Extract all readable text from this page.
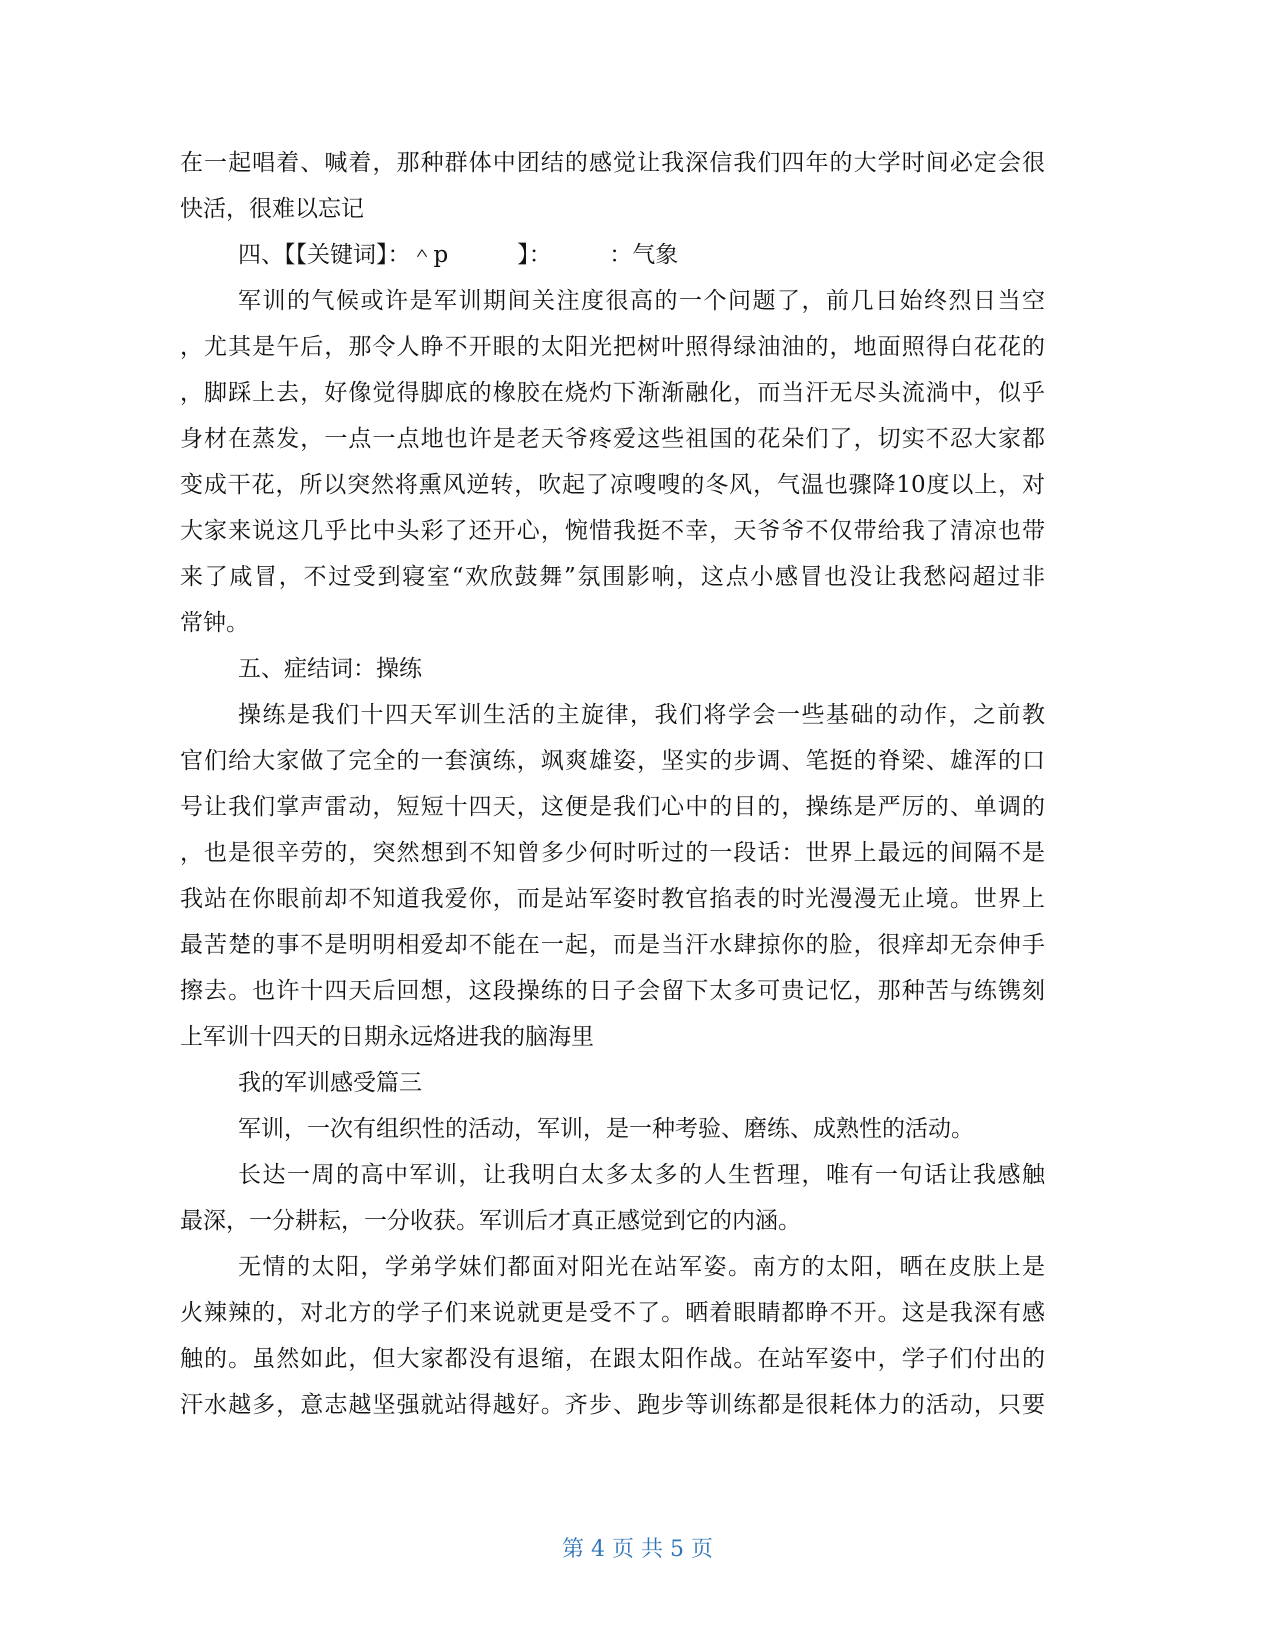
在一起唱着、喊着，那种群体中团结的感觉让我深信我们四年的大学时间必定会很
快活，很难以忘记
四、【【关键词】：＾p　　　】：　　　：气象
军训的气候或许是军训期间关注度很高的一个问题了，前几日始终烈日当空
，尤其是午后，那令人睁不开眼的太阳光把树叶照得绿油油的，地面照得白花花的
，脚踩上去，好像觉得脚底的橡胶在烧灼下渐渐融化，而当汗无尽头流淌中，似乎
身材在蒸发，一点一点地也许是老天爷疼爱这些祖国的花朵们了，切实不忍大家都
变成干花，所以突然将熏风逆转，吹起了凉嗖嗖的冬风，气温也骤降10度以上，对
大家来说这几乎比中头彩了还开心，惋惜我挺不幸，天爷爷不仅带给我了清凉也带
来了咸冒，不过受到寝室“欢欣鼓舞”氛围影响，这点小感冒也没让我愁闷超过非
常钟。
五、症结词：操练
操练是我们十四天军训生活的主旋律，我们将学会一些基础的动作，之前教
官们给大家做了完全的一套演练，飒爽雄姿，坚实的步调、笔挺的脊梁、雄浑的口
号让我们掌声雷动，短短十四天，这便是我们心中的目的，操练是严厉的、单调的
，也是很辛劳的，突然想到不知曾多少何时听过的一段话：世界上最远的间隔不是
我站在你眼前却不知道我爱你，而是站军姿时教官掐表的时光漫漫无止境。世界上
最苦楚的事不是明明相爱却不能在一起，而是当汗水肆掠你的脸，很痒却无奈伸手
擦去。也许十四天后回想，这段操练的日子会留下太多可贵记忆，那种苦与练镌刻
上军训十四天的日期永远烙进我的脑海里
我的军训感受篇三
军训，一次有组织性的活动，军训，是一种考验、磨练、成熟性的活动。
长达一周的高中军训，让我明白太多太多的人生哲理，唯有一句话让我感触
最深，一分耕耘，一分收获。军训后才真正感觉到它的内涵。
无情的太阳，学弟学妹们都面对阳光在站军姿。南方的太阳，晒在皮肤上是
火辣辣的，对北方的学子们来说就更是受不了。晒着眼睛都睁不开。这是我深有感
触的。虽然如此，但大家都没有退缩，在跟太阳作战。在站军姿中，学子们付出的
汗水越多，意志越坚强就站得越好。齐步、跑步等训练都是很耗体力的活动，只要
第 4 页 共 5 页
